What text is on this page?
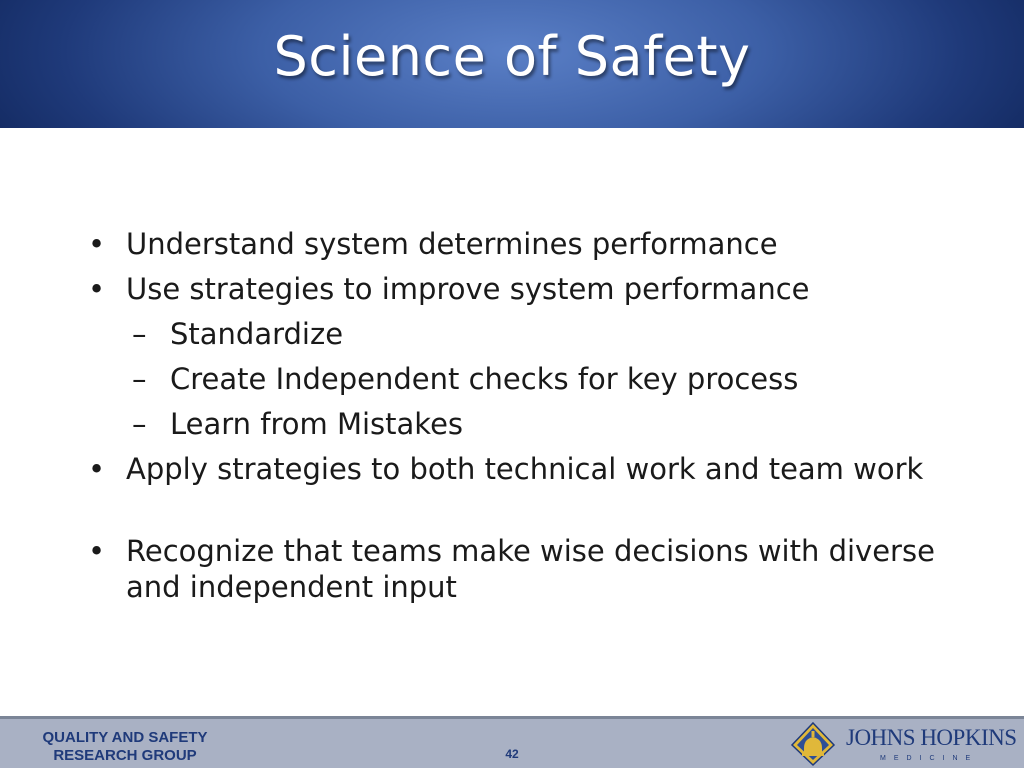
Science of Safety
• Understand system determines performance
• Use strategies to improve system performance
– Standardize
– Create Independent checks for key process
– Learn from Mistakes
• Apply strategies to both technical work and team work
• Recognize that teams make wise decisions with diverse and independent input
QUALITY AND SAFETY
RESEARCH GROUP	42
JOHNS HOPKINS
MEDICINE
